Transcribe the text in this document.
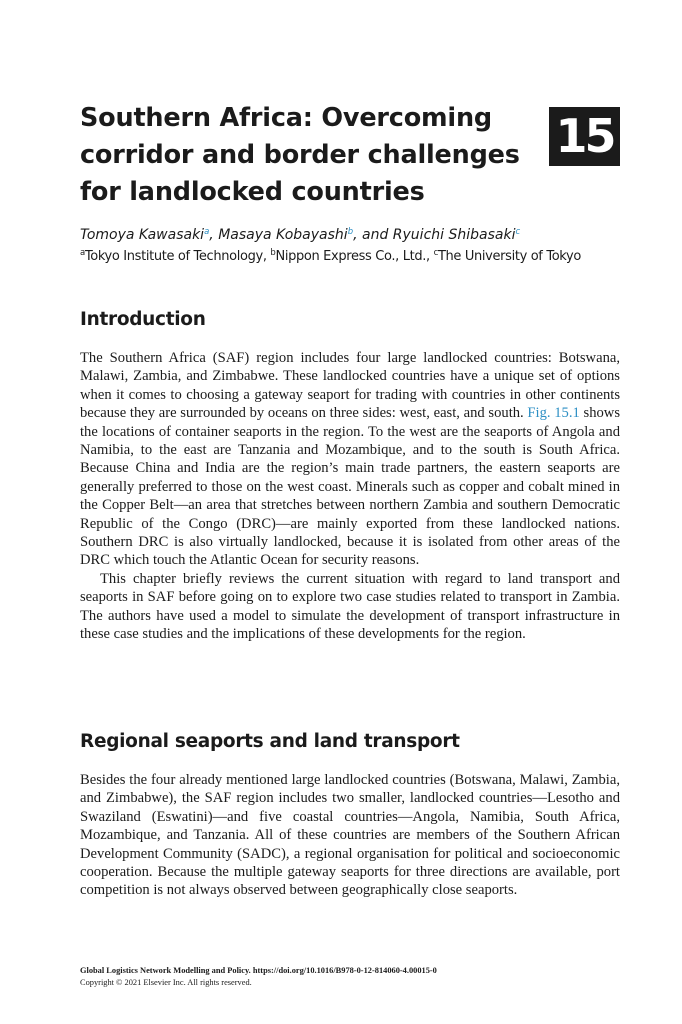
Southern Africa: Overcoming corridor and border challenges for landlocked countries
15

Tomoya Kawasaki$^a$, Masaya Kobayashi$^b$, and Ryuichi Shibasaki$^c$

$^a$Tokyo Institute of Technology, $^b$Nippon Express Co., Ltd., $^c$The University of Tokyo

Introduction

The Southern Africa (SAF) region includes four large landlocked countries: Botswana, Malawi, Zambia, and Zimbabwe. These landlocked countries have a unique set of options when it comes to choosing a gateway seaport for trading with countries in other continents because they are surrounded by oceans on three sides: west, east, and south. Fig. 15.1 shows the locations of container seaports in the region. To the west are the seaports of Angola and Namibia, to the east are Tanzania and Mozambique, and to the south is South Africa. Because China and India are the region’s main trade partners, the eastern seaports are generally preferred to those on the west coast. Minerals such as copper and cobalt mined in the Copper Belt—an area that stretches between northern Zambia and southern Democratic Republic of the Congo (DRC)—are mainly exported from these landlocked nations. Southern DRC is also virtually landlocked, because it is isolated from other areas of the DRC which touch the Atlantic Ocean for security reasons.

This chapter briefly reviews the current situation with regard to land transport and seaports in SAF before going on to explore two case studies related to transport in Zambia. The authors have used a model to simulate the development of transport infrastructure in these case studies and the implications of these developments for the region.

Regional seaports and land transport

Besides the four already mentioned large landlocked countries (Botswana, Malawi, Zambia, and Zimbabwe), the SAF region includes two smaller, landlocked countries—Lesotho and Swaziland (Eswatini)—and five coastal countries—Angola, Namibia, South Africa, Mozambique, and Tanzania. All of these countries are members of the Southern African Development Community (SADC), a regional organisation for political and socioeconomic cooperation. Because the multiple gateway seaports for three directions are available, port competition is not always observed between geographically close seaports.

Global Logistics Network Modelling and Policy. https://doi.org/10.1016/B978-0-12-814060-4.00015-0
Copyright © 2021 Elsevier Inc. All rights reserved.
